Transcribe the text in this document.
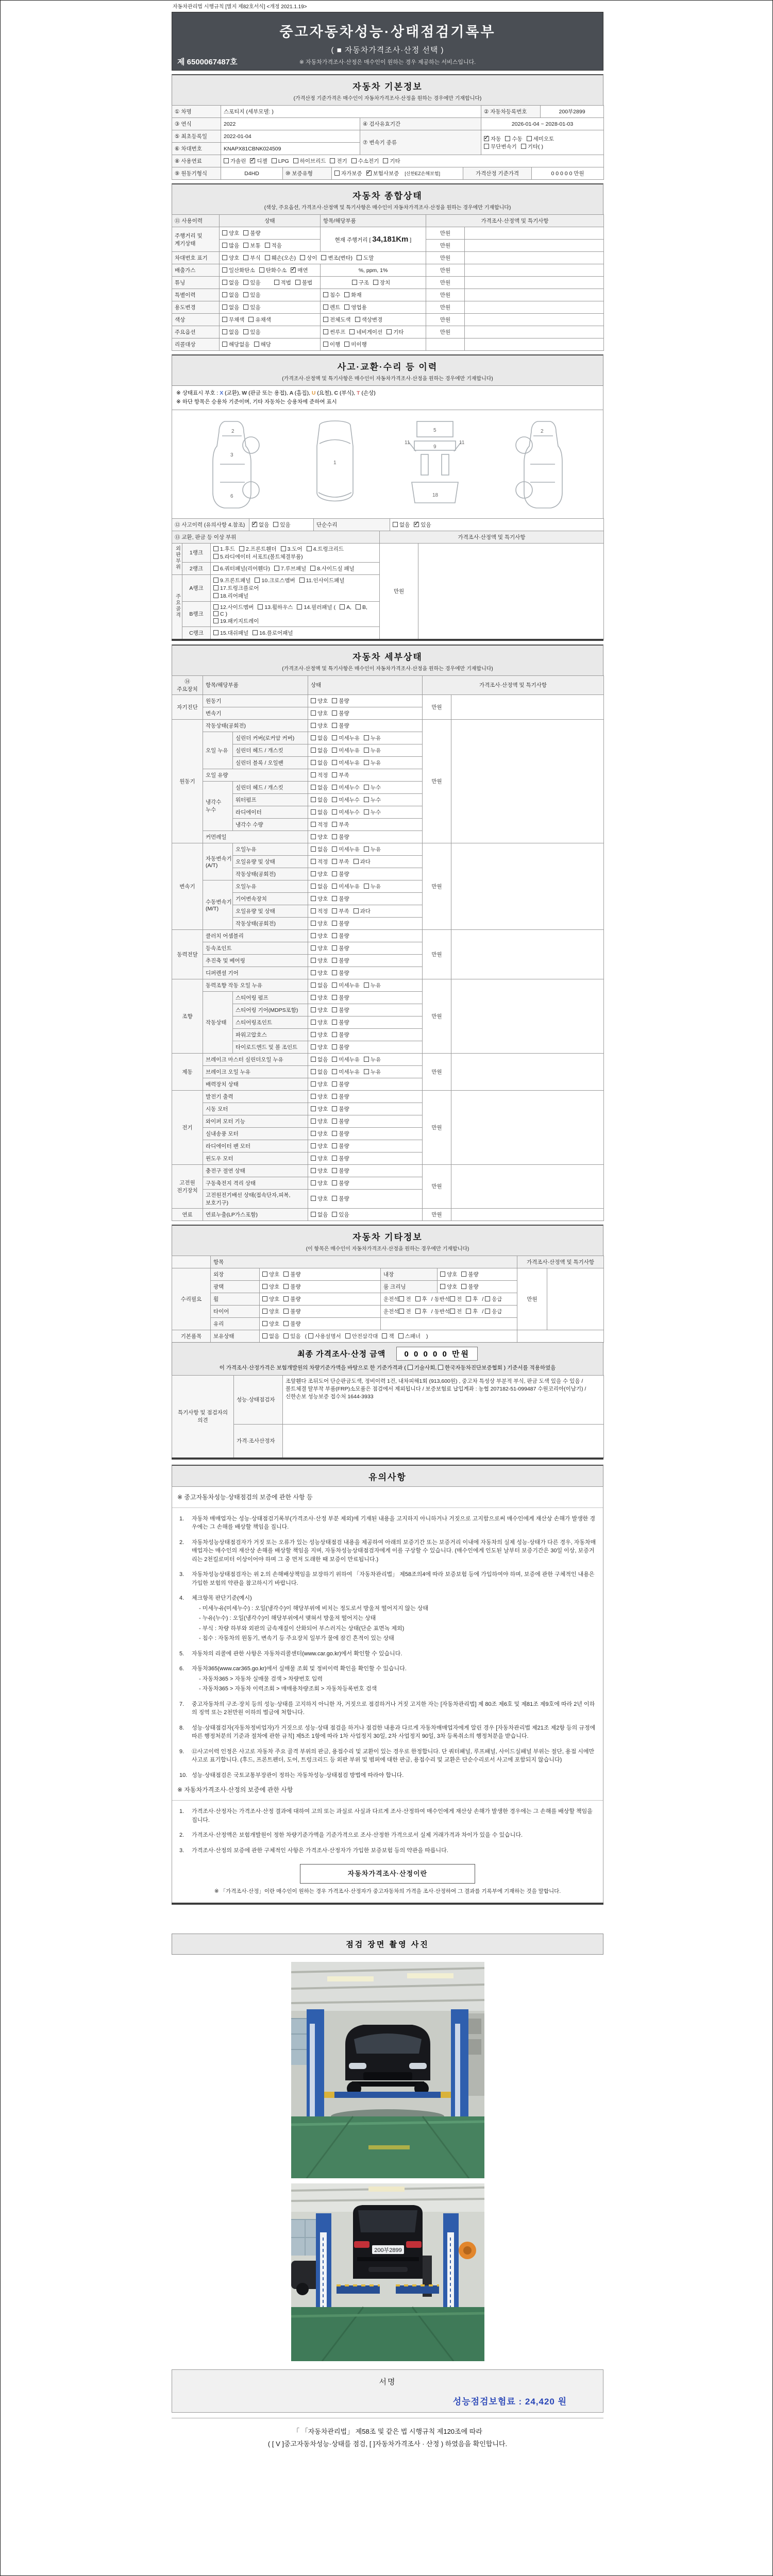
자동차관리법 시행규칙 [별지 제82호서식] <개정 2021.1.19>
중고자동차성능·상태점검기록부
( ■ 자동차가격조사·산정 선택 )
※ 자동차가격조사·산정은 매수인이 원하는 경우 제공하는 서비스입니다.
제 6500067487호
자동차 기본정보
(가격산정 기준가격은 매수인이 자동차가격조사·산정을 원하는 경우에만 기재합니다)
① 차명	스포티지 (세부모델: )		② 자동차등록번호	200부2899
③ 연식	2022	④ 검사유효기간	2026-01-04 ~ 2028-01-03	
⑤ 최초등록일	2022-01-04	⑦ 변속기 종류	✓자동 수동 세미오토
무단변속기 기타( )
⑥ 차대번호	KNAPX81CBNK024509			
⑧ 사용연료	가솔린 ✓ 디젤 LPG 하이브리드 전기 수소전기 기타
⑨ 원동기형식	D4HD	⑩ 보증유형	자가보증 ✓ 보험사보증 [신한EZ손해보험]	가격산정 기준가격	0 0 0 0 0 만원
자동차 종합상태
(색상, 주요옵션, 가격조사·산정액 및 특기사항은 매수인이 자동차가격조사·산정을 원하는 경우에만 기재합니다)
⑪ 사용이력	상태	항목/해당부품	가격조사·산정액 및 특기사항	
주행거리 및 계기상태	양호 불량	현재 주행거리 [ 34,181Km ]	만원	
	많음 보통 적음		만원	
차대번호 표기	양호 부식 훼손(오손) 상이 변조(변타) 도말		만원	
배출가스	일산화탄소 탄화수소 ✓ 매연	%, ppm, 1%	만원	
튜닝	없음 있음 적법 불법	구조 장치	만원	
특별이력	없음 있음	침수 화재	만원	
용도변경	없음 있음	렌트 영업용	만원	
색상	무채색 유채색	전체도색 색상변경	만원	
주요옵션	없음 있음	썬루프 네비게이션 기타	만원	
리콜대상	해당없음 해당	이행 미이행		
사고·교환·수리 등 이력
(가격조사·산정액 및 특기사항은 매수인이 자동차가격조사·산정을 원하는 경우에만 기재합니다)
※ 상태표시 부호 : X (교환), W (판금 또는 용접), A (흠집), U (요철), C (부식), T (손상)
※ 하단 항목은 승용차 기준이며, 기타 자동차는 승용차에 준하여 표시
2
3
6
1
11	11
5
9
18
2
⑫ 사고이력 (유의사항 4.참조)	✓없음 있음	단순수리	없음 ✓ 있음
⑬ 교환, 판금 등 이상 부위			가격조사·산정액 및 특기사항	
외판부위	1랭크	1.후드 2.프론트휀더 3.도어 4.트렁크리드
5.라디에이터 서포트(볼트체결부품)	만원	
	2랭크	6.쿼터패널(리어휀다) 7.루브패널 8.사이드실 패널		
주요골격	A랭크	9.프론트패널 10.크로스멤버 11.인사이드패널17.트렁크플로어
18.리어패널		
	B랭크	12.사이드멤버 13.휠하우스 14.필러패널 ( A, B,C )
19.패키지트레이		
	C랭크	15.대쉬패널 16.플로어패널		
자동차 세부상태
(가격조사·산정액 및 특기사항은 매수인이 자동차가격조사·산정을 원하는 경우에만 기재합니다)
⑭ 주요장치	항목/해당부품		상태	가격조사·산정액 및 특기사항	
자기진단	원동기		양호 불량	만원	
	변속기		양호 불량		
원동기	작동상태(공회전)		양호 불량	만원	
	오일 누유	실린더 커버(로커암 커버)	없음 미세누유 누유		
		실린더 헤드 / 개스킷	없음 미세누유 누유		
		실린더 블록 / 오일팬	없음 미세누유 누유		
	오일 유량		적정 부족		
	냉각수 누수	실린더 헤드 / 개스킷	없음 미세누수 누수		
		워터펌프	없음 미세누수 누수		
		라디에이터	없음 미세누수 누수		
		냉각수 수량	적정 부족		
	커먼레일		양호 불량		
변속기	자동변속기 (A/T)	오일누유	없음 미세누유 누유	만원	
		오일유량 및 상태	적정 부족 과다		
		작동상태(공회전)	양호 불량		
	수동변속기 (M/T)	오일누유	없음 미세누유 누유		
		기어변속장치	양호 불량		
		오일유량 및 상태	적정 부족 과다		
		작동상태(공회전)	양호 불량		
동력전달	클러치 어셈블리		양호 불량	만원	
	등속조인트		양호 불량		
	추진축 및 베어링		양호 불량		
	디퍼렌셜 기어		양호 불량		
조향	동력조향 작동 오일 누유		없음 미세누유 누유	만원	
	작동상태	스티어링 펌프	양호 불량		
		스티어링 기어(MDPS포함)	양호 불량		
		스티어링조인트	양호 불량		
		파워고압호스	양호 불량		
		타이로드엔드 및 볼 조인트	양호 불량		
제동	브레이크 마스터 실린더오일 누유		없음 미세누유 누유	만원	
	브레이크 오일 누유		없음 미세누유 누유		
	배력장치 상태		양호 불량		
전기	발전기 출력		양호 불량	만원	
	시동 모터		양호 불량		
	와이퍼 모터 기능		양호 불량		
	실내송풍 모터		양호 불량		
	라디에이터 팬 모터		양호 불량		
	윈도우 모터		양호 불량		
고전원 전기장치	충전구 절연 상태		양호 불량	만원	
	구동축전지 격리 상태		양호 불량		
	고전원전기배선 상태(접속단자,피복,보호기구)		양호 불량		
연료	연료누출(LP가스포함)		없음 있음	만원	
자동차 기타정보
(이 항목은 매수인이 자동차가격조사·산정을 원하는 경우에만 기재합니다)
	항목				가격조사·산정액 및 특기사항	
수리필요	외장	양호 불량	내장	양호 불량	만원	
	광택	양호 불량	룸 크리닝	양호 불량		
	휠	양호 불량	운전석 전 후 / 동반석 전 후 / 응급			
	타이어	양호 불량	운전석 전 후 / 동반석 전 후 / 응급			
	유리	양호 불량				
기본품목	보유상태	없음 있음 ( 사용설명서 안전삼각대 잭 스패너 )				
최종 가격조사·산정 금액 0 0 0 0 0 만원
이 가격조사·산정가격은 보험개발원의 차량기준가액을 바탕으로 한 기준가격과 ( 기술사회, 한국자동차진단보증협회 ) 기준서를 적용하였음
특기사항 및 점검자의 의견	성능·상태점검자	조앞휀다 조뒤도어 단순판금도색, 정비이력 1건, 내차피해1회 (913,600원) , 중고차 특성상 부분적 부식, 판금 도색 있을 수 있음 / 볼트체결 탈부착 부품(FRP)소모품은 점검에서 제외됩니다 / 보증보험료 납입계좌 : 농협 207182-51-099487 수원코리아(이남기) / 신한손보 성능보증 접수처 1644-3933
	가격·조사산정자	
유의사항
※ 중고자동차성능·상태점검의 보증에 관한 사항 등
1.	자동차 매매업자는 성능·상태점검기록부(가격조사·산정 부분 제외)에 기재된 내용을 고지하지 아니하거나 거짓으로 고지함으로써 매수인에게 재산상 손해가 발생한 경우에는 그 손해를 배상할 책임을 집니다.
2.	자동차성능상태점검자가 거짓 또는 오류가 있는 성능상태점검 내용을 제공하여 아래의 보증기간 또는 보증거리 이내에 자동차의 실제 성능·상태가 다른 경우, 자동차매매업자는 매수인의 재산상 손해를 배상할 책임을 지며, 자동차성능상태점검자에게 이를 구상할 수 있습니다. (매수인에게 인도된 날부터 보증기간은 30일 이상, 보증거리는 2천킬로미터 이상이어야 하며 그 중 먼저 도래한 때 보증이 만료됩니다.)
3.	자동차성능상태점검자는 위 2.의 손해배상책임을 보장하기 위하여 「자동차관리법」 제58조의4에 따라 보증보험 등에 가입하여야 하며, 보증에 관한 구체적인 내용은 가입한 보험의 약관을 참고하시기 바랍니다.
4.	체크항목 판단기준(예시)
- 미세누유(미세누수) : 오일(냉각수)이 해당부위에 비치는 정도로서 방울져 떨어지지 않는 상태
- 누유(누수) : 오일(냉각수)이 해당부위에서 맺혀서 방울져 떨어지는 상태
- 부식 : 차량 하부와 외판의 금속재질이 산화되어 부스러지는 상태(단순 표면녹 제외)
- 침수 : 자동차의 원동기, 변속기 등 주요장치 일부가 물에 잠긴 흔적이 있는 상태
5.	자동차의 리콜에 관한 사항은 자동차리콜센터(www.car.go.kr)에서 확인할 수 있습니다.
6.	자동차365(www.car365.go.kr)에서 실매물 조회 및 정비이력 확인을 확인할 수 있습니다.
- 자동차365 > 자동차 실매물 검색 > 차량번호 입력
- 자동차365 > 자동차 이력조회 > 매매용차량조회 > 자동차등록번호 검색
7.	중고자동차의 구조·장치 등의 성능·상태를 고지하지 아니한 자, 거짓으로 점검하거나 거짓 고지한 자는 [자동차관리법] 제 80조 제6호 및 제81조 제9호에 따라 2년 이하의 징역 또는 2천만원 이하의 벌금에 처합니다.
8.	성능·상태점검자(자동차정비업자)가 거짓으로 성능·상태 점검을 하거나 점검한 내용과 다르게 자동차매매업자에게 알린 경우 [자동차관리법 제21조 제2항 등의 규정에 따른 행정처분의 기준과 절차에 관한 규칙] 제5조 1항에 따라 1차 사업정지 30일, 2차 사업정지 90일, 3차 등록취소의 행정처분을 받습니다.
9.	⑫사고이력 인정은 사고로 자동차 주요 골격 부위의 판금, 용접수리 및 교환이 있는 경우로 한정합니다. 단 쿼터패널, 루프패널, 사이드실패널 부위는 절단, 용접 시에만 사고로 표기합니다. (후드, 프론트펜더, 도어, 트렁크리드 등 외판 부위 및 범퍼에 대한 판금, 용접수리 및 교환은 단순수리로서 사고에 포함되지 않습니다)
10. 성능·상태점검은 국토교통부장관이 정하는 자동차성능·상태점검 방법에 따라야 합니다.
※ 자동차가격조사·산정의 보증에 관한 사항
1.	가격조사·산정자는 가격조사·산정 결과에 대하여 고의 또는 과실로 사실과 다르게 조사·산정하여 매수인에게 재산상 손해가 발생한 경우에는 그 손해를 배상할 책임을 집니다.
2.	가격조사·산정액은 보험개발원이 정한 차량기준가액을 기준가격으로 조사·산정한 가격으로서 실제 거래가격과 차이가 있을 수 있습니다.
3.	가격조사·산정의 보증에 관한 구체적인 사항은 가격조사·산정자가 가입한 보증보험 등의 약관을 따릅니다.
자동차가격조사·산정이란
※ 「가격조사·산정」이란 매수인이 원하는 경우 가격조사·산정자가 중고자동차의 가격을 조사·산정하여 그 결과를 기록부에 기재하는 것을 말합니다.
점검 장면 촬영 사진
200부2899
서명
성능점검보험료 : 24,420 원
「 「자동차관리법」 제58조 및 같은 법 시행규칙 제120조에 따라
( [ V ]중고자동차성능·상태를 점검, [ ]자동차가격조사 · 산정 ) 하였음을 확인합니다.
